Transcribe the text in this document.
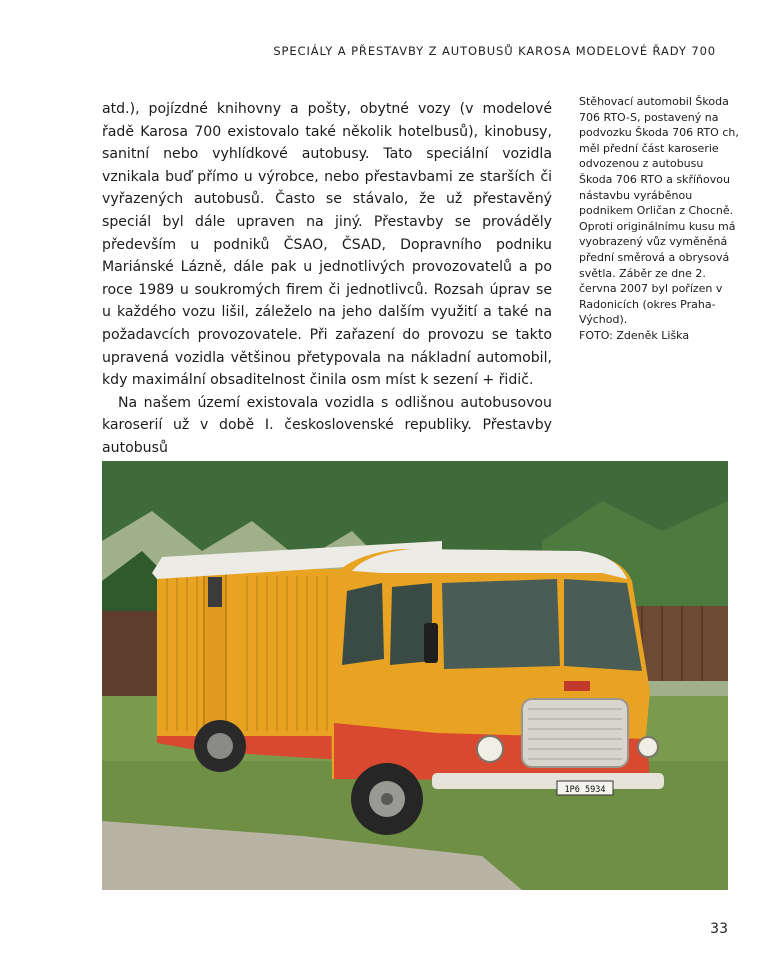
SPECIÁLY A PŘESTAVBY Z AUTOBUSŮ KAROSA MODELOVÉ ŘADY 700

atd.), pojízdné knihovny a pošty, obytné vozy (v modelové řadě Karosa 700 existovalo také několik hotelbusů), kinobusy, sanitní nebo vyhlídkové autobusy. Tato speciální vozidla vznikala buď přímo u výrobce, nebo přestavbami ze starších či vyřazených autobusů. Často se stávalo, že už přestavěný speciál byl dále upraven na jiný. Přestavby se prováděly především u podniků ČSAO, ČSAD, Dopravního podniku Mariánské Lázně, dále pak u jednotlivých provozovatelů a po roce 1989 u soukromých firem či jednotlivců. Rozsah úprav se u každého vozu lišil, záleželo na jeho dalším využití a také na požadavcích provozovatele. Při zařazení do provozu se takto upravená vozidla většinou přetypovala na nákladní automobil, kdy maximální obsaditelnost činila osm míst k sezení + řidič.

Na našem území existovala vozidla s odlišnou autobusovou karoserií už v době I. československé republiky. Přestavby autobusů

Stěhovací automobil Škoda 706 RTO-S, postavený na podvozku Škoda 706 RTO ch, měl přední část karoserie odvozenou z autobusu Škoda 706 RTO a skříňovou nástavbu vyráběnou podnikem Orličan z Chocně. Oproti originálnímu kusu má vyobrazený vůz vyměněná přední směrová a obrysová světla. Záběr ze dne 2. června 2007 byl pořízen v Radonicích (okres Praha-Východ).
FOTO: Zdeněk Liška
1P6 5934
33
